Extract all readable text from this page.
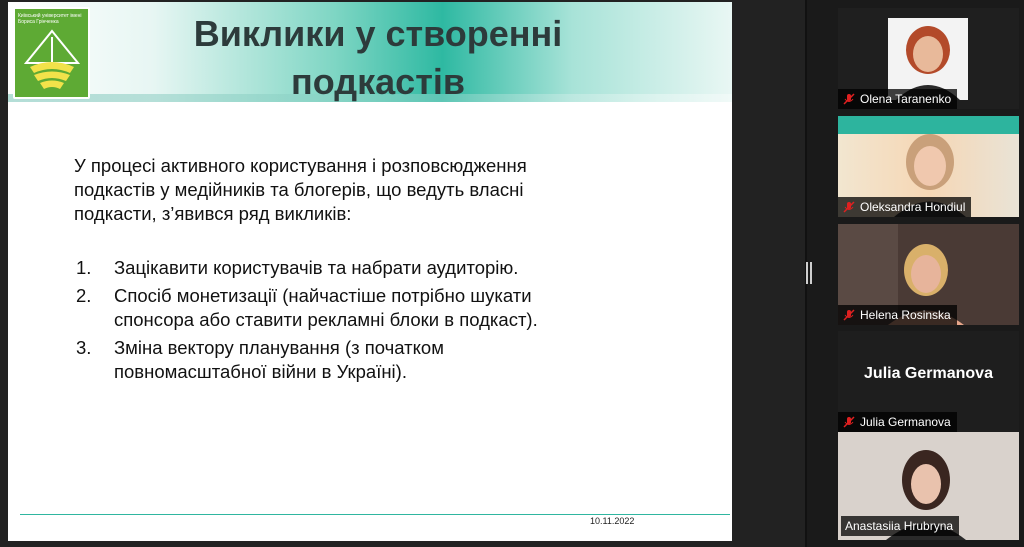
Київський університет імені Бориса Грінченка	Виклики у створенні
подкастів
У процесі активного користування і розповсюдження
подкастів у медійників та блогерів, що ведуть власні
подкасти, з’явився ряд викликів:
1. Зацікавити користувачів та набрати аудиторію.
2. Спосіб монетизації (найчастіше потрібно шукати
спонсора або ставити рекламні блоки в подкаст).
3. Зміна вектору планування (з початком
повномасштабної війни в Україні).
10.11.2022
Olena Taranenko
Oleksandra Hondiul
Helena Rosinska
Julia Germanova
Julia Germanova
Anastasiia Hrubryna
